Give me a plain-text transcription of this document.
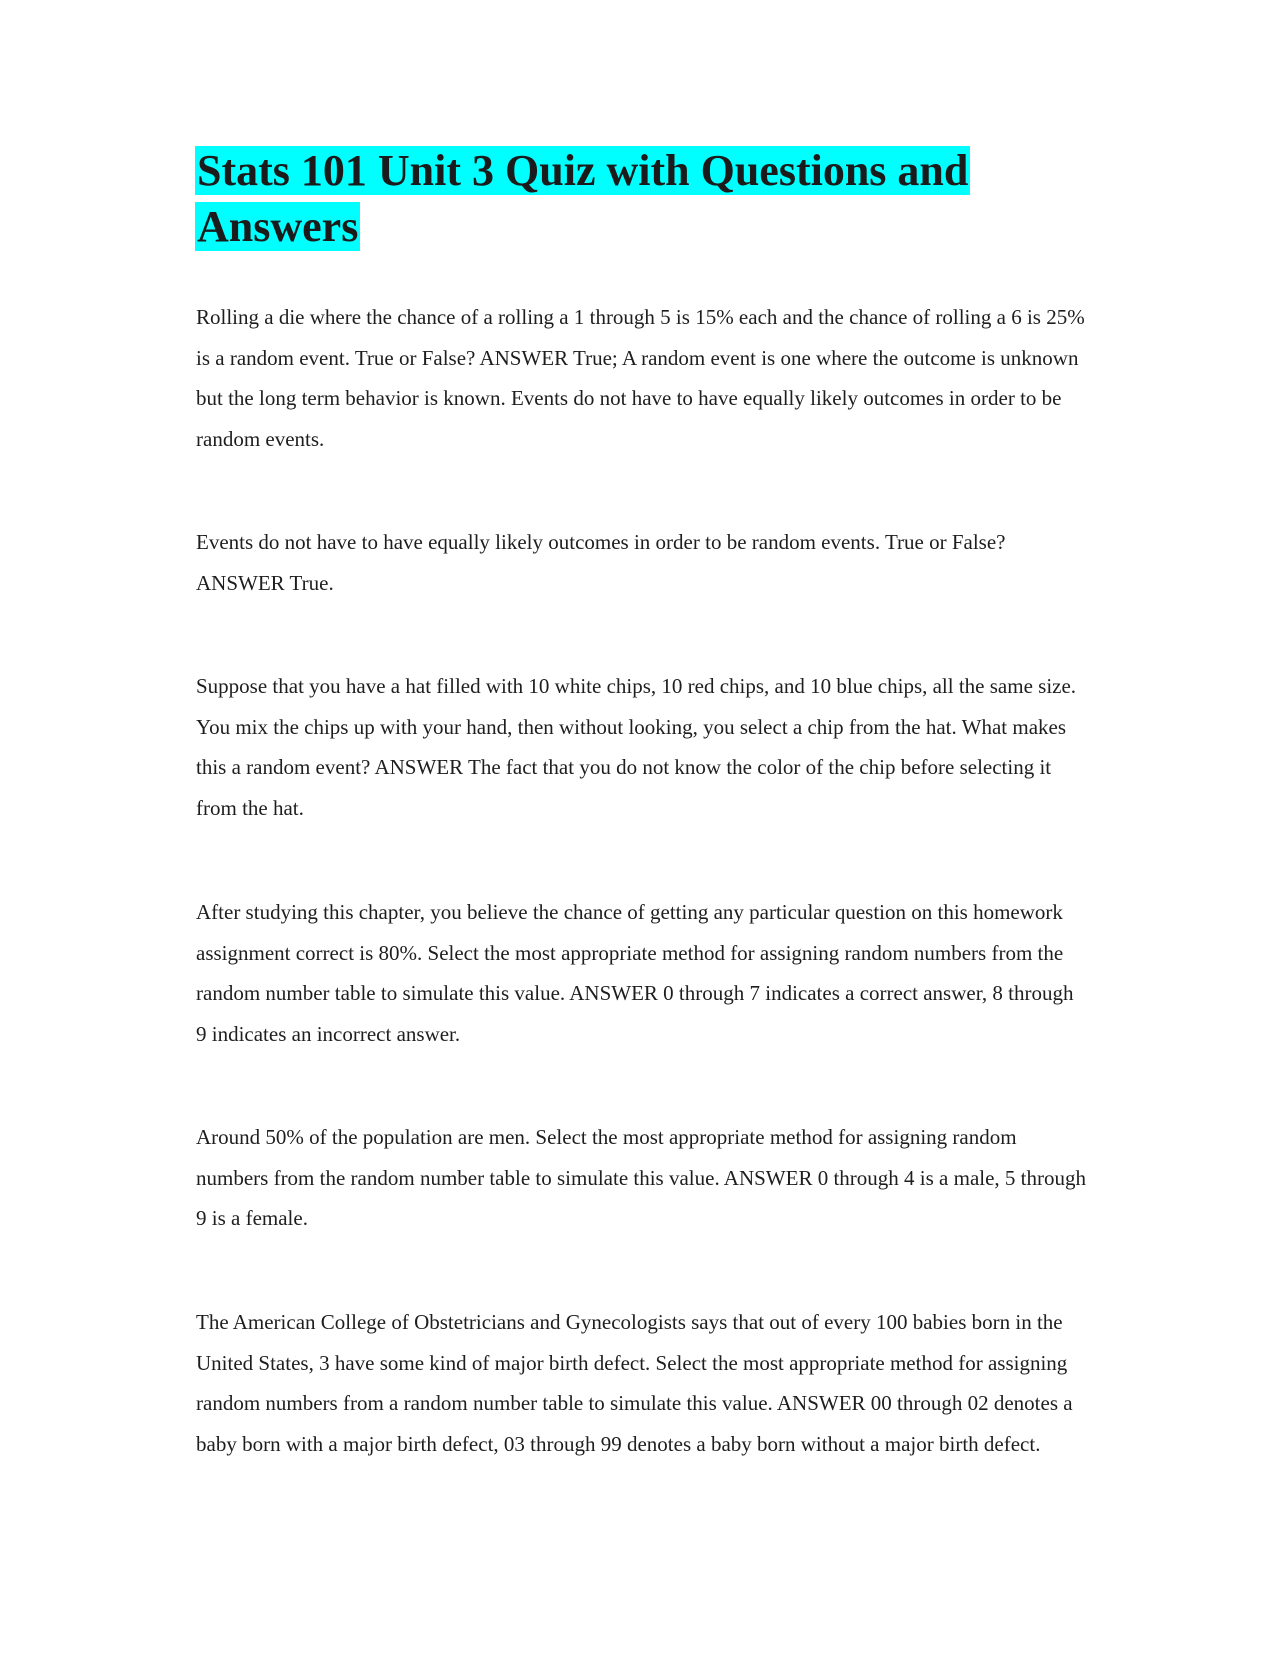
Stats 101 Unit 3 Quiz with Questions and Answers

Rolling a die where the chance of a rolling a 1 through 5 is 15% each and the chance of rolling a 6 is 25% is a random event. True or False? ANSWER True; A random event is one where the outcome is unknown but the long term behavior is known. Events do not have to have equally likely outcomes in order to be random events.

Events do not have to have equally likely outcomes in order to be random events. True or False? ANSWER True.

Suppose that you have a hat filled with 10 white chips, 10 red chips, and 10 blue chips, all the same size. You mix the chips up with your hand, then without looking, you select a chip from the hat. What makes this a random event? ANSWER The fact that you do not know the color of the chip before selecting it from the hat.

After studying this chapter, you believe the chance of getting any particular question on this homework assignment correct is 80%. Select the most appropriate method for assigning random numbers from the random number table to simulate this value. ANSWER 0 through 7 indicates a correct answer, 8 through 9 indicates an incorrect answer.

Around 50% of the population are men. Select the most appropriate method for assigning random numbers from the random number table to simulate this value. ANSWER 0 through 4 is a male, 5 through 9 is a female.

The American College of Obstetricians and Gynecologists says that out of every 100 babies born in the United States, 3 have some kind of major birth defect. Select the most appropriate method for assigning random numbers from a random number table to simulate this value. ANSWER 00 through 02 denotes a baby born with a major birth defect, 03 through 99 denotes a baby born without a major birth defect.
